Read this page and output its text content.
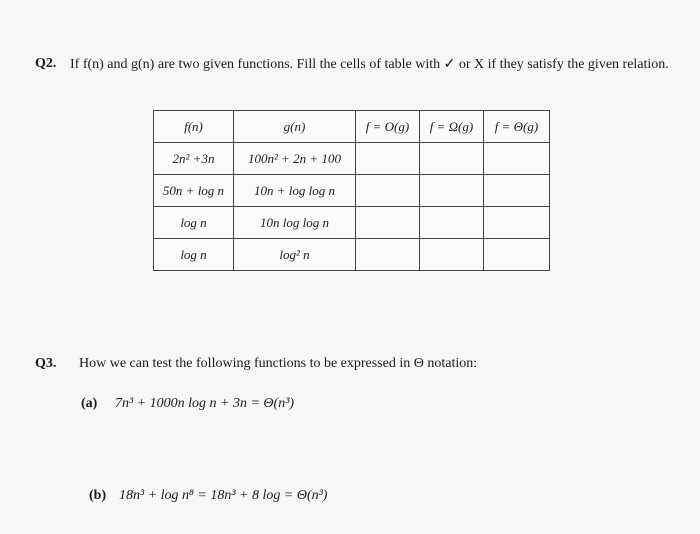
Q2. If f(n) and g(n) are two given functions. Fill the cells of table with ✓ or X if they satisfy the given relation.
f(n)	g(n)	f = O(g)	f = Ω(g)	f = Θ(g)
2n² +3n	100n² + 2n + 100			
50n + log n	10n + log log n			
log n	10n log log n			
log n	log² n			
Q3. How we can test the following functions to be expressed in Θ notation:
(a) 7n³ + 1000n log n + 3n = Θ(n³)
(b) 18n³ + log n⁸ = 18n³ + 8 log = Θ(n³)
